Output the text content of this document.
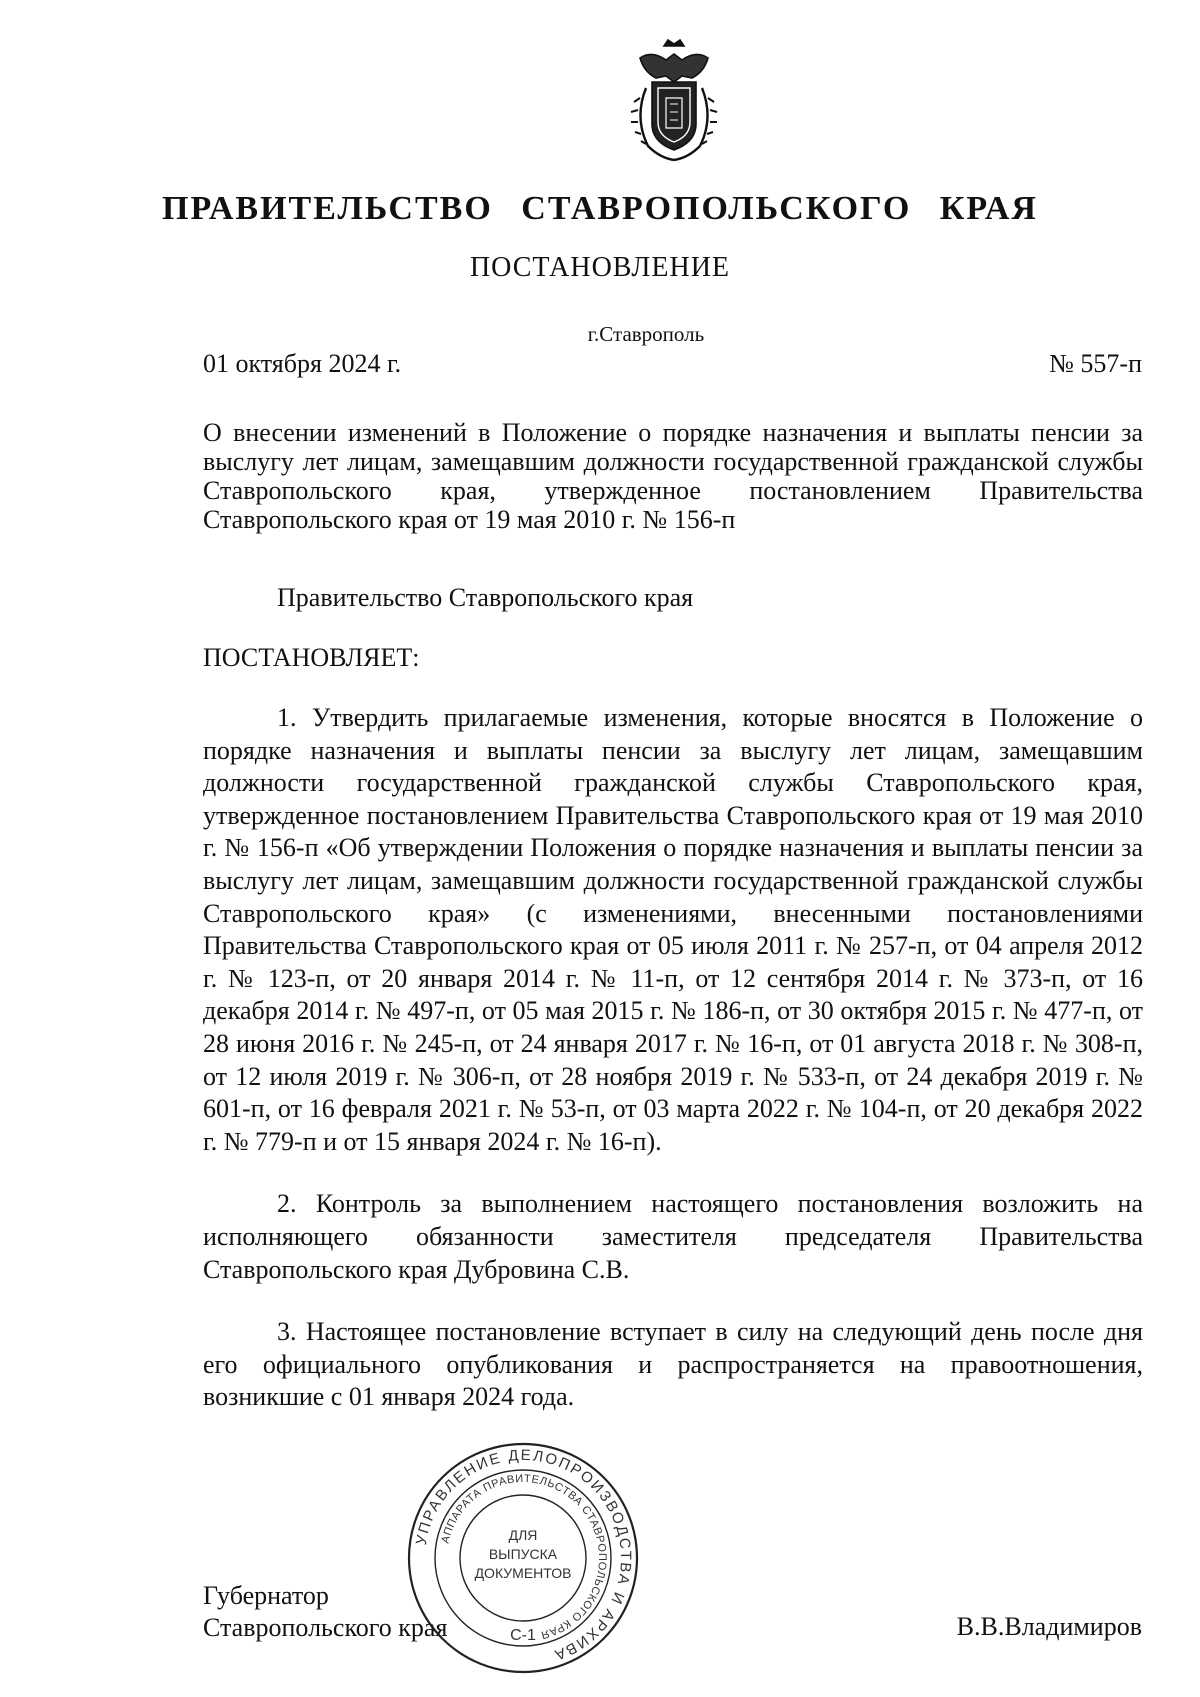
ПРАВИТЕЛЬСТВО СТАВРОПОЛЬСКОГО КРАЯ
ПОСТАНОВЛЕНИЕ
г.Ставрополь
01 октября 2024 г.	№ 557-п
О внесении изменений в Положение о порядке назначения и выплаты пенсии за выслугу лет лицам, замещавшим должности государственной гражданской службы Ставропольского края, утвержденное постановлением Правительства Ставропольского края от 19 мая 2010 г. № 156-п
Правительство Ставропольского края
ПОСТАНОВЛЯЕТ:

1. Утвердить прилагаемые изменения, которые вносятся в Положение о порядке назначения и выплаты пенсии за выслугу лет лицам, замещавшим должности государственной гражданской службы Ставропольского края, утвержденное постановлением Правительства Ставропольского края от 19 мая 2010 г. № 156-п «Об утверждении Положения о порядке назначения и выплаты пенсии за выслугу лет лицам, замещавшим должности государственной гражданской службы Ставропольского края» (с изменениями, внесенными постановлениями Правительства Ставропольского края от 05 июля 2011 г. № 257-п, от 04 апреля 2012 г. № 123-п, от 20 января 2014 г. № 11-п, от 12 сентября 2014 г. № 373-п, от 16 декабря 2014 г. № 497-п, от 05 мая 2015 г. № 186-п, от 30 октября 2015 г. № 477-п, от 28 июня 2016 г. № 245-п, от 24 января 2017 г. № 16-п, от 01 августа 2018 г. № 308-п, от 12 июля 2019 г. № 306-п, от 28 ноября 2019 г. № 533-п, от 24 декабря 2019 г. № 601-п, от 16 февраля 2021 г. № 53-п, от 03 марта 2022 г. № 104-п, от 20 декабря 2022 г. № 779-п и от 15 января 2024 г. № 16-п).

2. Контроль за выполнением настоящего постановления возложить на исполняющего обязанности заместителя председателя Правительства Ставропольского края Дубровина С.В.

3. Настоящее постановление вступает в силу на следующий день после дня его официального опубликования и распространяется на правоотношения, возникшие с 01 января 2024 года.

Губернатор
Ставропольского края	В.В.Владимиров
УПРАВЛЕНИЕ ДЕЛОПРОИЗВОДСТВА И АРХИВА
АППАРАТА ПРАВИТЕЛЬСТВА СТАВРОПОЛЬСКОГО КРАЯ
ДЛЯ
ВЫПУСКА
ДОКУМЕНТОВ
С-1
